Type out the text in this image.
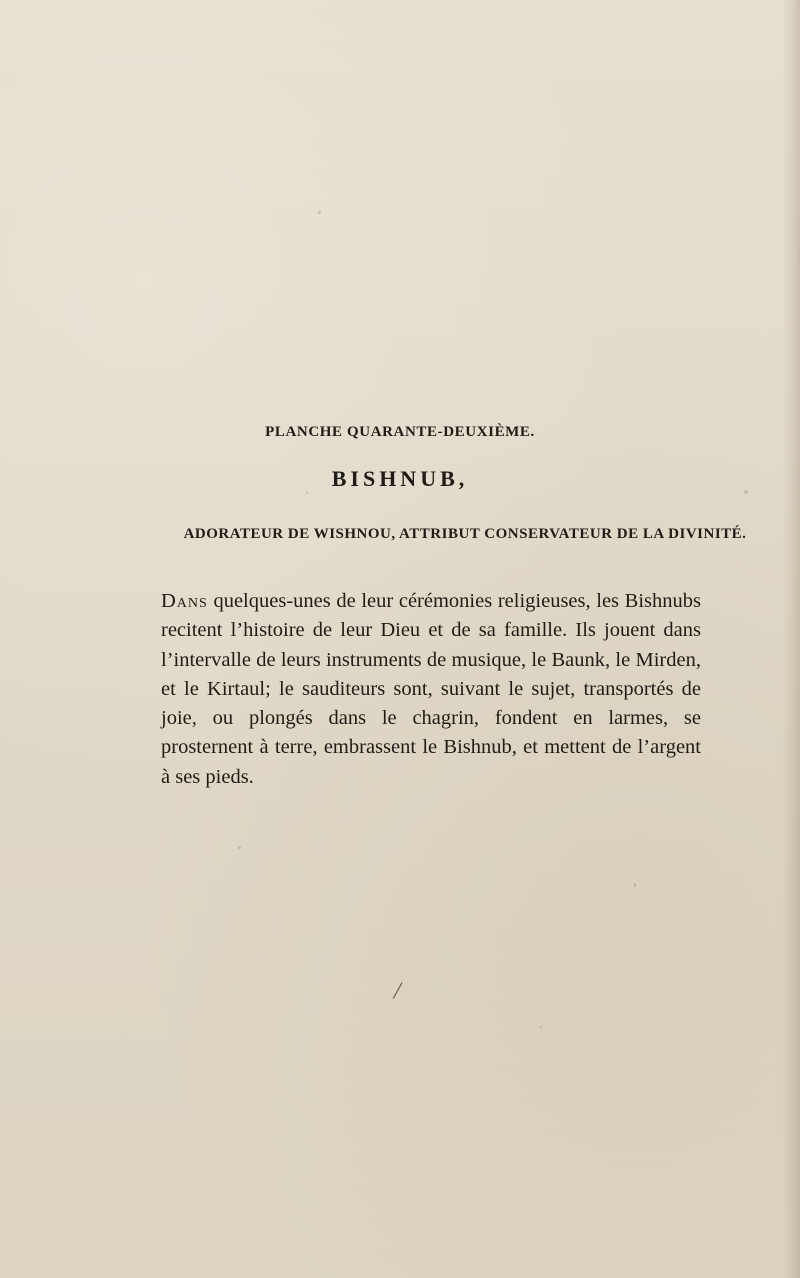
PLANCHE QUARANTE-DEUXIÈME.
BISHNUB,

ADORATEUR DE WISHNOU, ATTRIBUT CONSERVATEUR DE LA DIVINITÉ.

Dans quelques-unes de leur cérémonies religieuses, les Bishnubs recitent l’histoire de leur Dieu et de sa famille. Ils jouent dans l’intervalle de leurs instruments de musique, le Baunk, le Mirden, et le Kirtaul; le sauditeurs sont, suivant le sujet, transportés de joie, ou plongés dans le chagrin, fondent en larmes, se prosternent à terre, embrassent le Bishnub, et mettent de l’argent à ses pieds.

/
